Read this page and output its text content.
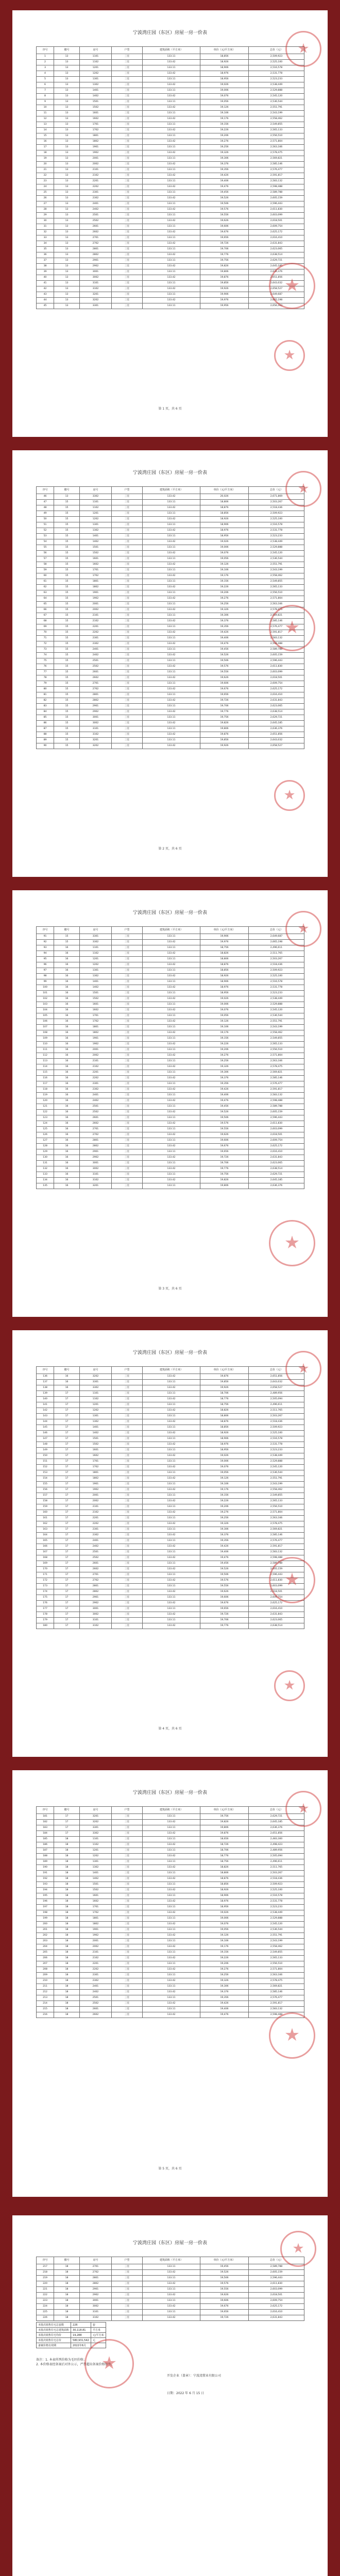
宁波湾庄园（东区）房屋一房一价表
序号	楼号	房号	户型	建筑面积（平方米）	单价（元/平方米）	总价（元）
1	13	1101	三室	133.11	18,856	2,509,923
2	13	1102	三室	133.42	18,926	2,525,100
3	13	1201	三室	133.11	18,906	2,516,578
4	13	1202	三室	133.42	18,976	2,531,778
5	13	1301	三室	133.11	18,956	2,523,233
6	13	1302	三室	133.42	19,026	2,538,449
7	13	1401	三室	133.11	19,006	2,529,888
8	13	1402	三室	133.42	19,076	2,545,120
9	13	1501	三室	133.11	19,056	2,536,544
10	13	1502	三室	133.42	19,126	2,551,791
11	13	1601	三室	133.11	19,106	2,543,199
12	13	1602	三室	133.42	19,176	2,558,462
13	13	1701	三室	133.11	19,156	2,549,855
14	13	1702	三室	133.42	19,226	2,565,133
15	13	1801	三室	133.11	19,206	2,556,510
16	13	1802	三室	133.42	19,276	2,571,804
17	13	1901	三室	133.11	19,256	2,563,166
18	13	1902	三室	133.42	19,326	2,578,475
19	13	2001	三室	133.11	19,306	2,569,821
20	13	2002	三室	133.42	19,376	2,585,146
21	13	2101	三室	133.11	19,356	2,576,477
22	13	2102	三室	133.42	19,426	2,591,817
23	13	2201	三室	133.11	19,406	2,583,132
24	13	2202	三室	133.42	19,476	2,598,488
25	13	2301	三室	133.11	19,456	2,589,788
26	13	2302	三室	133.42	19,526	2,605,159
27	13	2401	三室	133.11	19,506	2,596,443
28	13	2402	三室	133.42	19,576	2,611,830
29	13	2501	三室	133.11	19,556	2,603,099
30	13	2502	三室	133.42	19,626	2,618,501
31	13	2601	三室	133.11	19,606	2,609,754
32	13	2602	三室	133.42	19,676	2,625,172
33	13	2701	三室	133.11	19,656	2,616,410
34	13	2702	三室	133.42	19,726	2,631,843
35	13	2801	三室	133.11	19,706	2,623,065
36	13	2802	三室	133.42	19,776	2,638,514
37	13	2901	三室	133.11	19,756	2,629,721
38	13	2902	三室	133.42	19,826	2,645,185
39	13	3001	三室	133.11	19,806	2,636,376
40	13	3002	三室	133.42	19,876	2,651,856
41	13	3101	三室	133.11	19,856	2,643,032
42	13	3102	三室	133.42	19,926	2,658,527
43	13	3201	三室	133.11	19,906	2,649,687
44	13	3202	三室	133.42	19,976	2,665,198
45	13	3301	三室	133.11	19,956	2,656,343
★
★
★
第 1 页，共 6 页
宁波湾庄园（东区）房屋一房一价表
序号	楼号	房号	户型	建筑面积（平方米）	单价（元/平方米）	总价（元）
46	13	3302	三室	133.42	20,026	2,671,869
47	15	1101	三室	133.11	18,806	2,503,267
48	15	1102	三室	133.42	18,876	2,518,436
49	15	1201	三室	133.11	18,856	2,509,923
50	15	1202	三室	133.42	18,926	2,525,100
51	15	1301	三室	133.11	18,906	2,516,578
52	15	1302	三室	133.42	18,976	2,531,778
53	15	1401	三室	133.11	18,956	2,523,233
54	15	1402	三室	133.42	19,026	2,538,449
55	15	1501	三室	133.11	19,006	2,529,888
56	15	1502	三室	133.42	19,076	2,545,120
57	15	1601	三室	133.11	19,056	2,536,544
58	15	1602	三室	133.42	19,126	2,551,791
59	15	1701	三室	133.11	19,106	2,543,199
60	15	1702	三室	133.42	19,176	2,558,462
61	15	1801	三室	133.11	19,156	2,549,855
62	15	1802	三室	133.42	19,226	2,565,133
63	15	1901	三室	133.11	19,206	2,556,510
64	15	1902	三室	133.42	19,276	2,571,804
65	15	2001	三室	133.11	19,256	2,563,166
66	15	2002	三室	133.42	19,326	2,578,475
67	15	2101	三室	133.11	19,306	2,569,821
68	15	2102	三室	133.42	19,376	2,585,146
69	15	2201	三室	133.11	19,356	2,576,477
70	15	2202	三室	133.42	19,426	2,591,817
71	15	2301	三室	133.11	19,406	2,583,132
72	15	2302	三室	133.42	19,476	2,598,488
73	15	2401	三室	133.11	19,456	2,589,788
74	15	2402	三室	133.42	19,526	2,605,159
75	15	2501	三室	133.11	19,506	2,596,443
76	15	2502	三室	133.42	19,576	2,611,830
77	15	2601	三室	133.11	19,556	2,603,099
78	15	2602	三室	133.42	19,626	2,618,501
79	15	2701	三室	133.11	19,606	2,609,754
80	15	2702	三室	133.42	19,676	2,625,172
81	15	2801	三室	133.11	19,656	2,616,410
82	15	2802	三室	133.42	19,726	2,631,843
83	15	2901	三室	133.11	19,706	2,623,065
84	15	2902	三室	133.42	19,776	2,638,514
85	15	3001	三室	133.11	19,756	2,629,721
86	15	3002	三室	133.42	19,826	2,645,185
87	15	3101	三室	133.11	19,806	2,636,376
88	15	3102	三室	133.42	19,876	2,651,856
89	15	3201	三室	133.11	19,856	2,643,032
90	15	3202	三室	133.42	19,926	2,658,527
★
★
★
第 2 页，共 6 页
宁波湾庄园（东区）房屋一房一价表
序号	楼号	房号	户型	建筑面积（平方米）	单价（元/平方米）	总价（元）
91	15	3301	三室	133.11	19,906	2,649,687
92	15	3302	三室	133.42	19,976	2,665,198
93	16	1101	三室	133.11	18,756	2,496,611
94	16	1102	三室	133.42	18,826	2,511,765
95	16	1201	三室	133.11	18,806	2,503,267
96	16	1202	三室	133.42	18,876	2,518,436
97	16	1301	三室	133.11	18,856	2,509,923
98	16	1302	三室	133.42	18,926	2,525,100
99	16	1401	三室	133.11	18,906	2,516,578
100	16	1402	三室	133.42	18,976	2,531,778
101	16	1501	三室	133.11	18,956	2,523,233
102	16	1502	三室	133.42	19,026	2,538,449
103	16	1601	三室	133.11	19,006	2,529,888
104	16	1602	三室	133.42	19,076	2,545,120
105	16	1701	三室	133.11	19,056	2,536,544
106	16	1702	三室	133.42	19,126	2,551,791
107	16	1801	三室	133.11	19,106	2,543,199
108	16	1802	三室	133.42	19,176	2,558,462
109	16	1901	三室	133.11	19,156	2,549,855
110	16	1902	三室	133.42	19,226	2,565,133
111	16	2001	三室	133.11	19,206	2,556,510
112	16	2002	三室	133.42	19,276	2,571,804
113	16	2101	三室	133.11	19,256	2,563,166
114	16	2102	三室	133.42	19,326	2,578,475
115	16	2201	三室	133.11	19,306	2,569,821
116	16	2202	三室	133.42	19,376	2,585,146
117	16	2301	三室	133.11	19,356	2,576,477
118	16	2302	三室	133.42	19,426	2,591,817
119	16	2401	三室	133.11	19,406	2,583,132
120	16	2402	三室	133.42	19,476	2,598,488
121	16	2501	三室	133.11	19,456	2,589,788
122	16	2502	三室	133.42	19,526	2,605,159
123	16	2601	三室	133.11	19,506	2,596,443
124	16	2602	三室	133.42	19,576	2,611,830
125	16	2701	三室	133.11	19,556	2,603,099
126	16	2702	三室	133.42	19,626	2,618,501
127	16	2801	三室	133.11	19,606	2,609,754
128	16	2802	三室	133.42	19,676	2,625,172
129	16	2901	三室	133.11	19,656	2,616,410
130	16	2902	三室	133.42	19,726	2,631,843
131	16	3001	三室	133.11	19,706	2,623,065
132	16	3002	三室	133.42	19,776	2,638,514
133	16	3101	三室	133.11	19,756	2,629,721
134	16	3102	三室	133.42	19,826	2,645,185
135	16	3201	三室	133.11	19,806	2,636,376
★
★
第 3 页，共 6 页
宁波湾庄园（东区）房屋一房一价表
序号	楼号	房号	户型	建筑面积（平方米）	单价（元/平方米）	总价（元）
136	16	3202	三室	133.42	19,876	2,651,856
137	16	3301	三室	133.11	19,856	2,643,032
138	16	3302	三室	133.42	19,926	2,658,527
139	17	1101	三室	133.11	18,706	2,489,956
140	17	1102	三室	133.42	18,776	2,505,094
141	17	1201	三室	133.11	18,756	2,496,611
142	17	1202	三室	133.42	18,826	2,511,765
143	17	1301	三室	133.11	18,806	2,503,267
144	17	1302	三室	133.42	18,876	2,518,436
145	17	1401	三室	133.11	18,856	2,509,923
146	17	1402	三室	133.42	18,926	2,525,100
147	17	1501	三室	133.11	18,906	2,516,578
148	17	1502	三室	133.42	18,976	2,531,778
149	17	1601	三室	133.11	18,956	2,523,233
150	17	1602	三室	133.42	19,026	2,538,449
151	17	1701	三室	133.11	19,006	2,529,888
152	17	1702	三室	133.42	19,076	2,545,120
153	17	1801	三室	133.11	19,056	2,536,544
154	17	1802	三室	133.42	19,126	2,551,791
155	17	1901	三室	133.11	19,106	2,543,199
156	17	1902	三室	133.42	19,176	2,558,462
157	17	2001	三室	133.11	19,156	2,549,855
158	17	2002	三室	133.42	19,226	2,565,133
159	17	2101	三室	133.11	19,206	2,556,510
160	17	2102	三室	133.42	19,276	2,571,804
161	17	2201	三室	133.11	19,256	2,563,166
162	17	2202	三室	133.42	19,326	2,578,475
163	17	2301	三室	133.11	19,306	2,569,821
164	17	2302	三室	133.42	19,376	2,585,146
165	17	2401	三室	133.11	19,356	2,576,477
166	17	2402	三室	133.42	19,426	2,591,817
167	17	2501	三室	133.11	19,406	2,583,132
168	17	2502	三室	133.42	19,476	2,598,488
169	17	2601	三室	133.11	19,456	2,589,788
170	17	2602	三室	133.42	19,526	2,605,159
171	17	2701	三室	133.11	19,506	2,596,443
172	17	2702	三室	133.42	19,576	2,611,830
173	17	2801	三室	133.11	19,556	2,603,099
174	17	2802	三室	133.42	19,626	2,618,501
175	17	2901	三室	133.11	19,606	2,609,754
176	17	2902	三室	133.42	19,676	2,625,172
177	17	3001	三室	133.11	19,656	2,616,410
178	17	3002	三室	133.42	19,726	2,631,843
179	17	3101	三室	133.11	19,706	2,623,065
180	17	3102	三室	133.42	19,776	2,638,514
★
★
★
第 4 页，共 6 页
宁波湾庄园（东区）房屋一房一价表
序号	楼号	房号	户型	建筑面积（平方米）	单价（元/平方米）	总价（元）
181	17	3201	三室	133.11	19,756	2,629,721
182	17	3202	三室	133.42	19,826	2,645,185
183	17	3301	三室	133.11	19,806	2,636,376
184	17	3302	三室	133.42	19,876	2,651,856
185	18	1101	三室	133.11	18,656	2,483,300
186	18	1102	三室	133.42	18,726	2,498,423
187	18	1201	三室	133.11	18,706	2,489,956
188	18	1202	三室	133.42	18,776	2,505,094
189	18	1301	三室	133.11	18,756	2,496,611
190	18	1302	三室	133.42	18,826	2,511,765
191	18	1401	三室	133.11	18,806	2,503,267
192	18	1402	三室	133.42	18,876	2,518,436
193	18	1501	三室	133.11	18,856	2,509,923
194	18	1502	三室	133.42	18,926	2,525,100
195	18	1601	三室	133.11	18,906	2,516,578
196	18	1602	三室	133.42	18,976	2,531,778
197	18	1701	三室	133.11	18,956	2,523,233
198	18	1702	三室	133.42	19,026	2,538,449
199	18	1801	三室	133.11	19,006	2,529,888
200	18	1802	三室	133.42	19,076	2,545,120
201	18	1901	三室	133.11	19,056	2,536,544
202	18	1902	三室	133.42	19,126	2,551,791
203	18	2001	三室	133.11	19,106	2,543,199
204	18	2002	三室	133.42	19,176	2,558,462
205	18	2101	三室	133.11	19,156	2,549,855
206	18	2102	三室	133.42	19,226	2,565,133
207	18	2201	三室	133.11	19,206	2,556,510
208	18	2202	三室	133.42	19,276	2,571,804
209	18	2301	三室	133.11	19,256	2,563,166
210	18	2302	三室	133.42	19,326	2,578,475
211	18	2401	三室	133.11	19,306	2,569,821
212	18	2402	三室	133.42	19,376	2,585,146
213	18	2501	三室	133.11	19,356	2,576,477
214	18	2502	三室	133.42	19,426	2,591,817
215	18	2601	三室	133.11	19,406	2,583,132
216	18	2602	三室	133.42	19,476	2,598,488
★
★
第 5 页，共 6 页
宁波湾庄园（东区）房屋一房一价表
序号	楼号	房号	户型	建筑面积（平方米）	单价（元/平方米）	总价（元）
217	18	2701	三室	133.11	19,456	2,589,788
218	18	2702	三室	133.42	19,526	2,605,159
219	18	2801	三室	133.11	19,506	2,596,443
220	18	2802	三室	133.42	19,576	2,611,830
221	18	2901	三室	133.11	19,556	2,603,099
222	18	2902	三室	133.42	19,626	2,618,501
223	18	3001	三室	133.11	19,606	2,609,754
224	18	3002	三室	133.42	19,676	2,625,172
225	18	3101	三室	133.11	19,656	2,616,410
226	18	3102	三室	133.42	19,726	2,631,843
本批次销售住宅总套数	226	套
本批次销售住宅总建筑面积	30,118.81	平方米
本批次销售住宅均价	19,288	元/平方米
本批次销售住宅总价	580,931,542	元
备案价格有效期	2022年6月	
备注：1. 本表所列价格为毛坯价格；
2. 本价格表经备案后对外公示，严禁超出备案价格销售。
开发企业（盖章）：宁波湾置业有限公司
日期：2022 年 6 月 15 日
★
★
